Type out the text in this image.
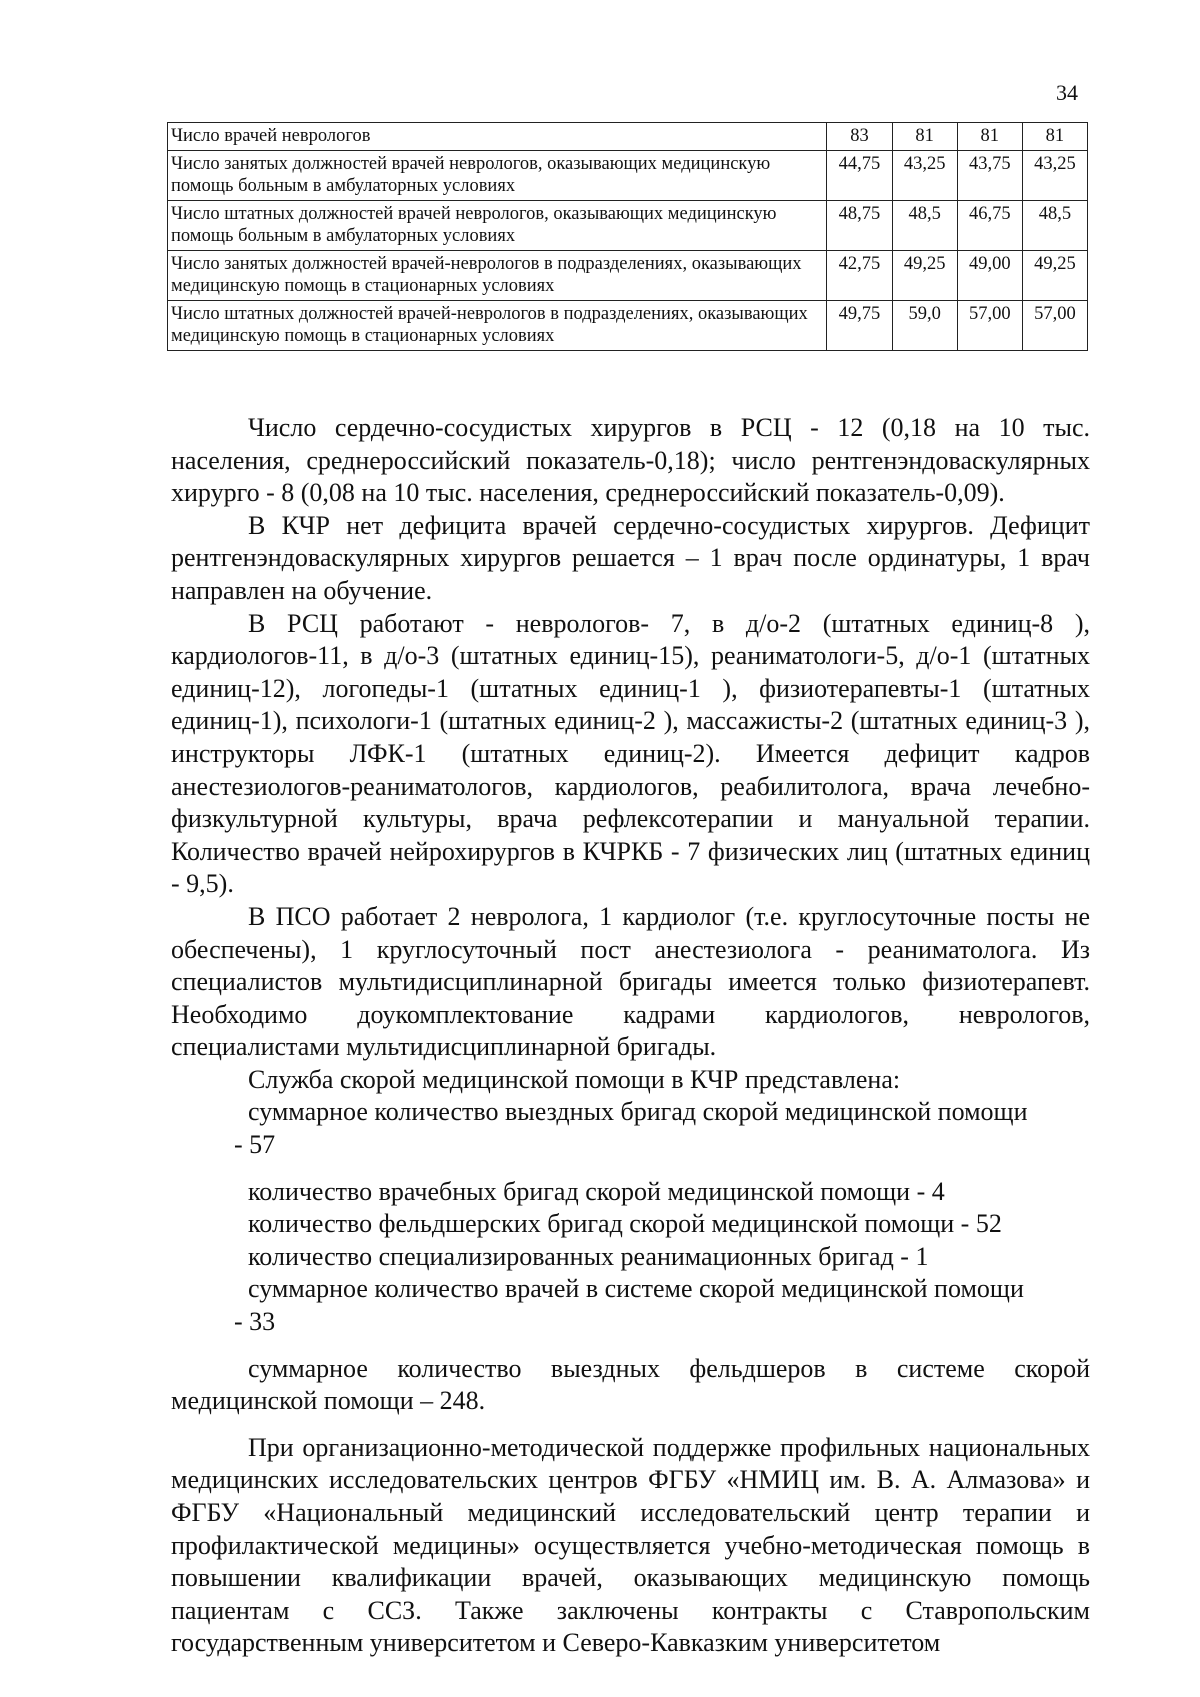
34
Число врачей неврологов	83	81	81	81
Число занятых должностей врачей неврологов, оказывающих медицинскую помощь больным в амбулаторных условиях	44,75	43,25	43,75	43,25
Число штатных должностей врачей неврологов, оказывающих медицинскую помощь больным в амбулаторных условиях	48,75	48,5	46,75	48,5
Число занятых должностей врачей-неврологов в подразделениях, оказывающих медицинскую помощь в стационарных условиях	42,75	49,25	49,00	49,25
Число штатных должностей врачей-неврологов в подразделениях, оказывающих медицинскую помощь в стационарных условиях	49,75	59,0	57,00	57,00

Число сердечно-сосудистых хирургов в РСЦ - 12 (0,18 на 10 тыс. населения, среднероссийский показатель-0,18); число рентгенэндоваскулярных хирурго - 8 (0,08 на 10 тыс. населения, среднероссийский показатель-0,09).

В КЧР нет дефицита врачей сердечно-сосудистых хирургов. Дефицит рентгенэндоваскулярных хирургов решается – 1 врач после ординатуры, 1 врач направлен на обучение.

В РСЦ работают - неврологов- 7, в д/о-2 (штатных единиц-8 ), кардиологов-11, в д/о-3 (штатных единиц-15), реаниматологи-5, д/о-1 (штатных единиц-12), логопеды-1 (штатных единиц-1 ), физиотерапевты-1 (штатных единиц-1), психологи-1 (штатных единиц-2 ), массажисты-2 (штатных единиц-3 ), инструкторы ЛФК-1 (штатных единиц-2). Имеется дефицит кадров анестезиологов-реаниматологов, кардиологов, реабилитолога, врача лечебно-физкультурной культуры, врача рефлексотерапии и мануальной терапии. Количество врачей нейрохирургов в КЧРКБ - 7 физических лиц (штатных единиц - 9,5).

В ПСО работает 2 невролога, 1 кардиолог (т.е. круглосуточные посты не обеспечены), 1 круглосуточный пост анестезиолога - реаниматолога. Из специалистов мультидисциплинарной бригады имеется только физиотерапевт. Необходимо доукомплектование кадрами кардиологов, неврологов, специалистами мультидисциплинарной бригады.

Служба скорой медицинской помощи в КЧР представлена:

суммарное количество выездных бригад скорой медицинской помощи
- 57

количество врачебных бригад скорой медицинской помощи - 4

количество фельдшерских бригад скорой медицинской помощи - 52

количество специализированных реанимационных бригад - 1

суммарное количество врачей в системе скорой медицинской помощи
- 33

суммарное количество выездных фельдшеров в системе скорой медицинской помощи – 248.

При организационно-методической поддержке профильных национальных медицинских исследовательских центров ФГБУ «НМИЦ им. В. А. Алмазова» и ФГБУ «Национальный медицинский исследовательский центр терапии и профилактической медицины» осуществляется учебно-методическая помощь в повышении квалификации врачей, оказывающих медицинскую помощь пациентам с ССЗ. Также заключены контракты с Ставропольским государственным университетом и Северо-Кавказким университетом
